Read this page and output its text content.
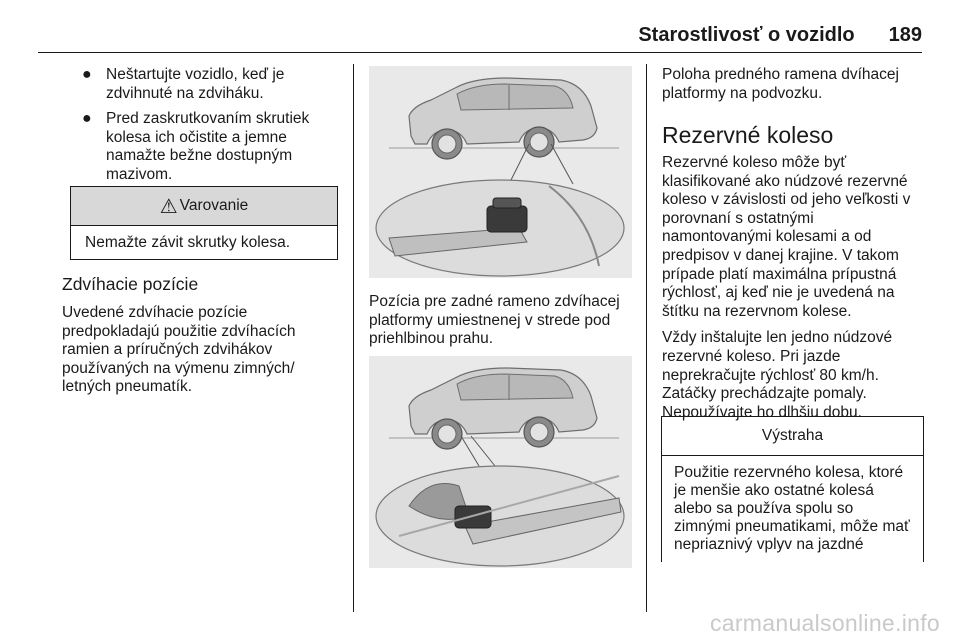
Starostlivosť o vozidlo 189
● Neštartujte vozidlo, keď je zdvihnuté na zdviháku.

● Pred zaskrutkovaním skrutiek kolesa ich očistite a jemne namažte bežne dostupným mazivom.

⚠ Varovanie
Nemažte závit skrutky kolesa.
Zdvíhacie pozície

Uvedené zdvíhacie pozície predpokladajú použitie zdvíhacích ramien a príručných zdvihákov používaných na výmenu zimných/ letných pneumatík.

Pozícia pre zadné rameno zdvíhacej platformy umiestnenej v strede pod priehlbinou prahu.

Poloha predného ramena dvíhacej platformy na podvozku.

Rezervné koleso

Rezervné koleso môže byť klasifikované ako núdzové rezervné koleso v závislosti od jeho veľkosti v porovnaní s ostatnými namontovanými kolesami a od predpisov v danej krajine. V takom prípade platí maximálna prípustná rýchlosť, aj keď nie je uvedená na štítku na rezervnom kolese.

Vždy inštalujte len jedno núdzové rezervné koleso. Pri jazde neprekračujte rýchlosť 80 km/h. Zatáčky prechádzajte pomaly. Nepoužívajte ho dlhšiu dobu.

Výstraha
Použitie rezervného kolesa, ktoré je menšie ako ostatné kolesá alebo sa používa spolu so zimnými pneumatikami, môže mať nepriaznivý vplyv na jazdné
carmanualsonline.info
